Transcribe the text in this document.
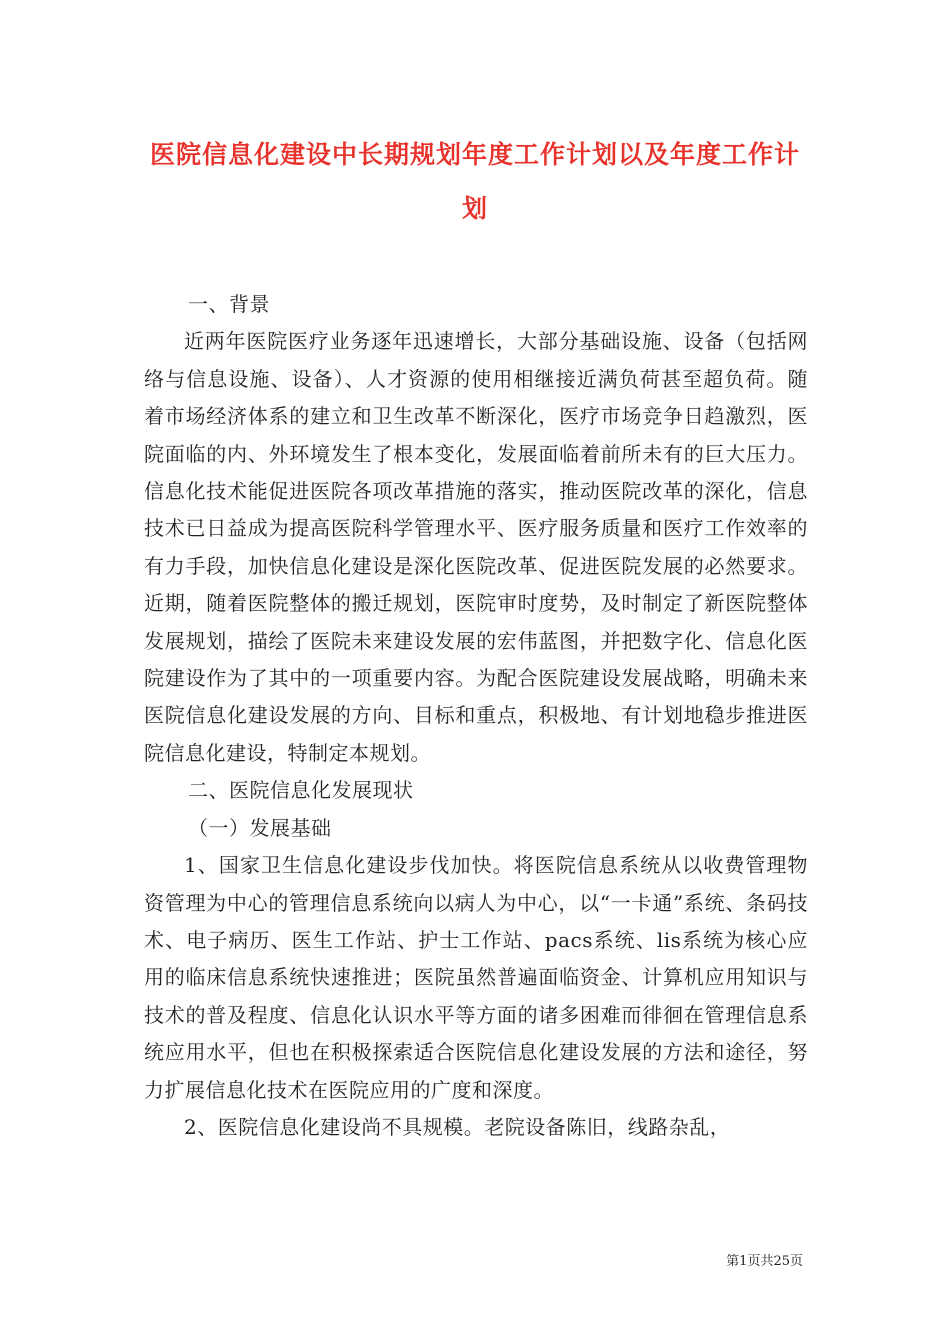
医院信息化建设中长期规划年度工作计划以及年度工作计划

一、背景

近两年医院医疗业务逐年迅速增长，大部分基础设施、设备（包括网络与信息设施、设备）、人才资源的使用相继接近满负荷甚至超负荷。随着市场经济体系的建立和卫生改革不断深化，医疗市场竞争日趋激烈，医院面临的内、外环境发生了根本变化，发展面临着前所未有的巨大压力。信息化技术能促进医院各项改革措施的落实，推动医院改革的深化，信息技术已日益成为提高医院科学管理水平、医疗服务质量和医疗工作效率的有力手段，加快信息化建设是深化医院改革、促进医院发展的必然要求。近期，随着医院整体的搬迁规划，医院审时度势，及时制定了新医院整体发展规划，描绘了医院未来建设发展的宏伟蓝图，并把数字化、信息化医院建设作为了其中的一项重要内容。为配合医院建设发展战略，明确未来医院信息化建设发展的方向、目标和重点，积极地、有计划地稳步推进医院信息化建设，特制定本规划。

二、医院信息化发展现状

（一）发展基础

1、国家卫生信息化建设步伐加快。将医院信息系统从以收费管理物资管理为中心的管理信息系统向以病人为中心，以“一卡通”系统、条码技术、电子病历、医生工作站、护士工作站、pacs系统、lis系统为核心应用的临床信息系统快速推进；医院虽然普遍面临资金、计算机应用知识与技术的普及程度、信息化认识水平等方面的诸多困难而徘徊在管理信息系统应用水平，但也在积极探索适合医院信息化建设发展的方法和途径，努力扩展信息化技术在医院应用的广度和深度。

2、医院信息化建设尚不具规模。老院设备陈旧，线路杂乱，

第1页共25页
